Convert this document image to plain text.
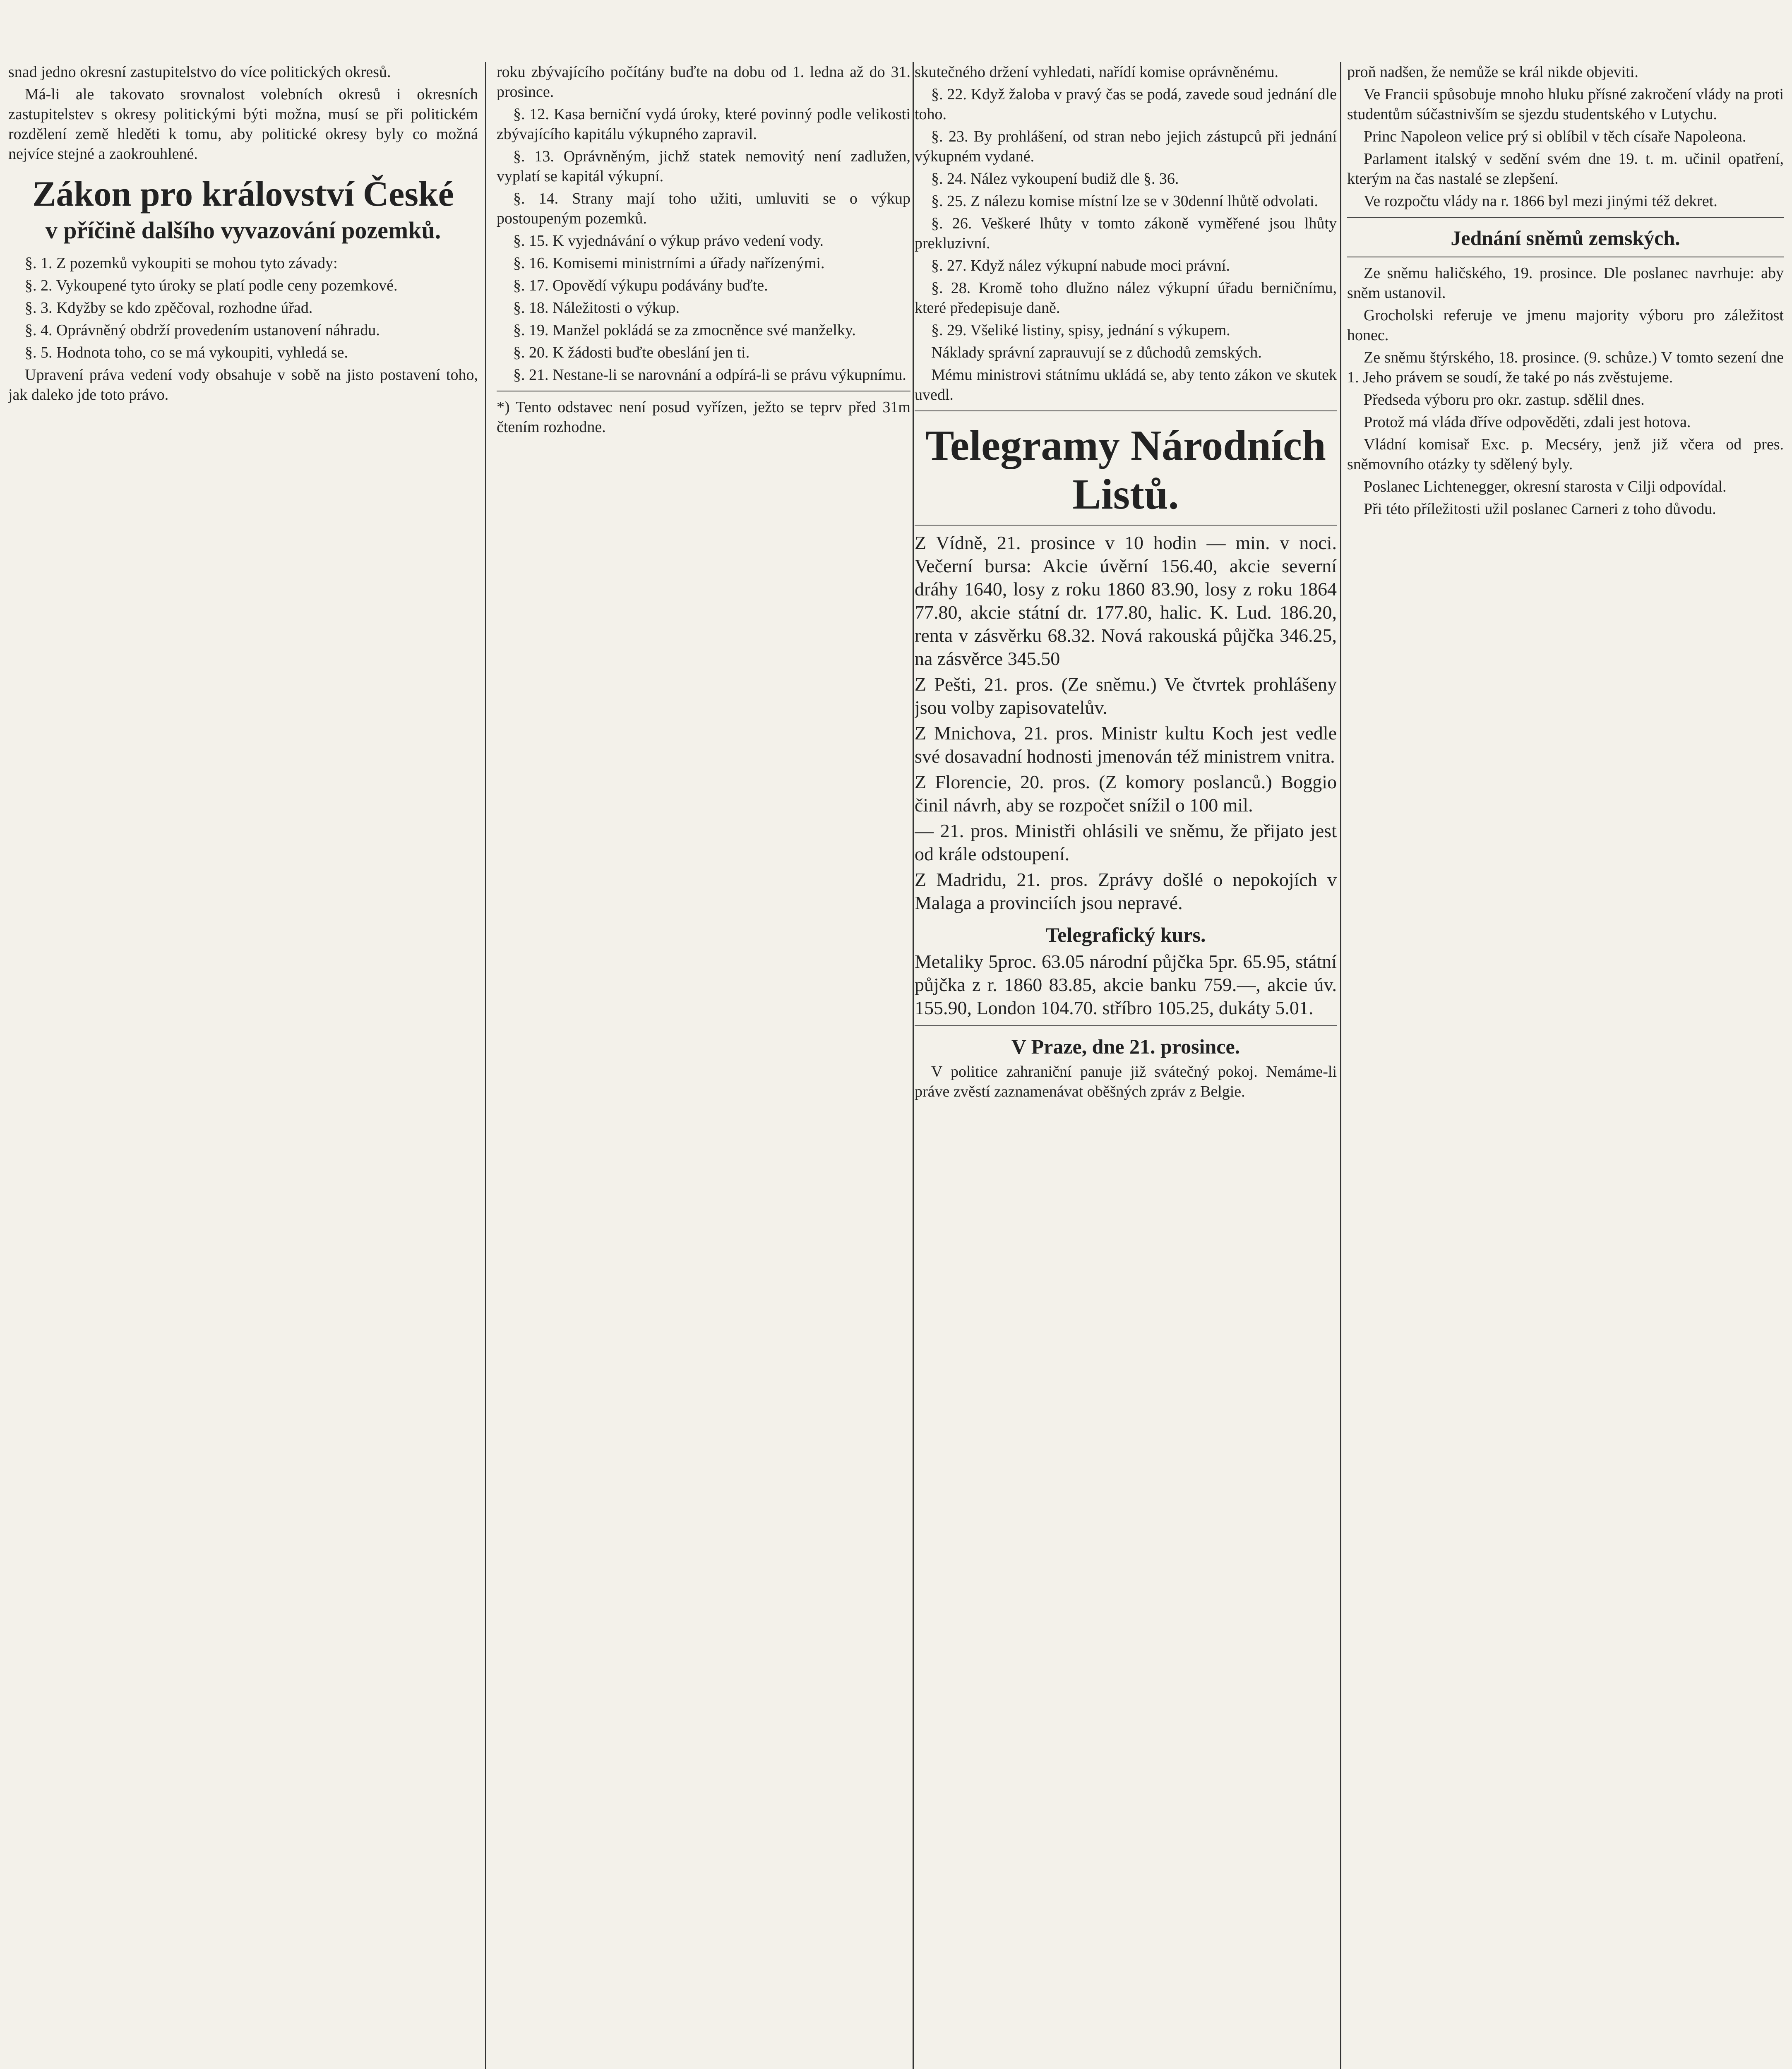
snad jedno okresní zastupitelstvo do více politických okresů.
Má-li ale takovato srovnalost volebních okresů i okresních zastupitelstev s okresy politickými býti možna, musí se při politickém rozdělení země hleděti k tomu, aby politické okresy byly co možná nejvíce stejné a zaokrouhlené.
Zákon pro království České
v příčině dalšího vyvazování pozemků.
§. 1. Z pozemků vykoupiti se mohou tyto závady:
§. 2. Vykoupené tyto úroky se platí podle ceny pozemkové.
§. 3. Kdyžby se kdo zpěčoval, rozhodne úřad.
§. 4. Oprávněný obdrží provedením ustanovení náhradu.
§. 5. Hodnota toho, co se má vykoupiti, vyhledá se.
Upravení práva vedení vody obsahuje v sobě na jisto postavení toho, jak daleko jde toto právo.
roku zbývajícího počítány buďte na dobu od 1. ledna až do 31. prosince.
§. 12. Kasa berniční vydá úroky, které povinný podle velikosti zbývajícího kapitálu výkupného zapravil.
§. 13. Oprávněným, jichž statek nemovitý není zadlužen, vyplatí se kapitál výkupní.
§. 14. Strany mají toho užiti, umluviti se o výkup postoupeným pozemků.
§. 15. K vyjednávání o výkup právo vedení vody.
§. 16. Komisemi ministrními a úřady nařízenými.
§. 17. Opovědí výkupu podávány buďte.
§. 18. Náležitosti o výkup.
§. 19. Manžel pokládá se za zmocněnce své manželky.
§. 20. K žádosti buďte obeslání jen ti.
§. 21. Nestane-li se narovnání a odpírá-li se právu výkupnímu.
*) Tento odstavec není posud vyřízen, ježto se teprv před 31m čtením rozhodne.
skutečného držení vyhledati, nařídí komise oprávněnému.
§. 22. Když žaloba v pravý čas se podá, zavede soud jednání dle toho.
§. 23. By prohlášení, od stran nebo jejich zástupců při jednání výkupném vydané.
§. 24. Nález vykoupení budiž dle §. 36.
§. 25. Z nálezu komise místní lze se v 30denní lhůtě odvolati.
§. 26. Veškeré lhůty v tomto zákoně vyměřené jsou lhůty prekluzivní.
§. 27. Když nález výkupní nabude moci právní.
§. 28. Kromě toho dlužno nález výkupní úřadu berničnímu, které předepisuje daně.
§. 29. Všeliké listiny, spisy, jednání s výkupem.
Náklady správní zaprauvují se z důchodů zemských.
Mému ministrovi státnímu ukládá se, aby tento zákon ve skutek uvedl.
Telegramy Národních Listů.
Z Vídně, 21. prosince v 10 hodin — min. v noci. Večerní bursa: Akcie úvěrní 156.40, akcie severní dráhy 1640, losy z roku 1860 83.90, losy z roku 1864 77.80, akcie státní dr. 177.80, halic. K. Lud. 186.20, renta v zásvěrku 68.32. Nová rakouská půjčka 346.25, na zásvěrce 345.50
Z Pešti, 21. pros. (Ze sněmu.) Ve čtvrtek prohlášeny jsou volby zapisovatelův.
Z Mnichova, 21. pros. Ministr kultu Koch jest vedle své dosavadní hodnosti jmenován též ministrem vnitra.
Z Florencie, 20. pros. (Z komory poslanců.) Boggio činil návrh, aby se rozpočet snížil o 100 mil.
— 21. pros. Ministři ohlásili ve sněmu, že přijato jest od krále odstoupení.
Z Madridu, 21. pros. Zprávy došlé o nepokojích v Malaga a provinciích jsou nepravé.
Telegrafický kurs.
Metaliky 5proc. 63.05 národní půjčka 5pr. 65.95, státní půjčka z r. 1860 83.85, akcie banku 759.—, akcie úv. 155.90, London 104.70. stříbro 105.25, dukáty 5.01.
V Praze, dne 21. prosince.
V politice zahraniční panuje již svátečný pokoj. Nemáme-li práve zvěstí zaznamenávat oběšných zpráv z Belgie.
proň nadšen, že nemůže se král nikde objeviti.
Ve Francii spůsobuje mnoho hluku přísné zakročení vlády na proti studentům súčastnivším se sjezdu studentského v Lutychu.
Princ Napoleon velice prý si oblíbil v těch císaře Napoleona.
Parlament italský v sedění svém dne 19. t. m. učinil opatření, kterým na čas nastalé se zlepšení.
Ve rozpočtu vlády na r. 1866 byl mezi jinými též dekret.
Jednání sněmů zemských.
Ze sněmu haličského, 19. prosince. Dle poslanec navrhuje: aby sněm ustanovil.
Grocholski referuje ve jmenu majority výboru pro záležitost honec.
Ze sněmu štýrského, 18. prosince. (9. schůze.) V tomto sezení dne 1. Jeho právem se soudí, že také po nás zvěstujeme.
Předseda výboru pro okr. zastup. sdělil dnes.
Protož má vláda dříve odpověděti, zdali jest hotova.
Vládní komisař Exc. p. Mecséry, jenž již včera od pres. sněmovního otázky ty sdělený byly.
Poslanec Lichtenegger, okresní starosta v Cilji odpovídal.
Při této příležitosti užil poslanec Carneri z toho důvodu.
